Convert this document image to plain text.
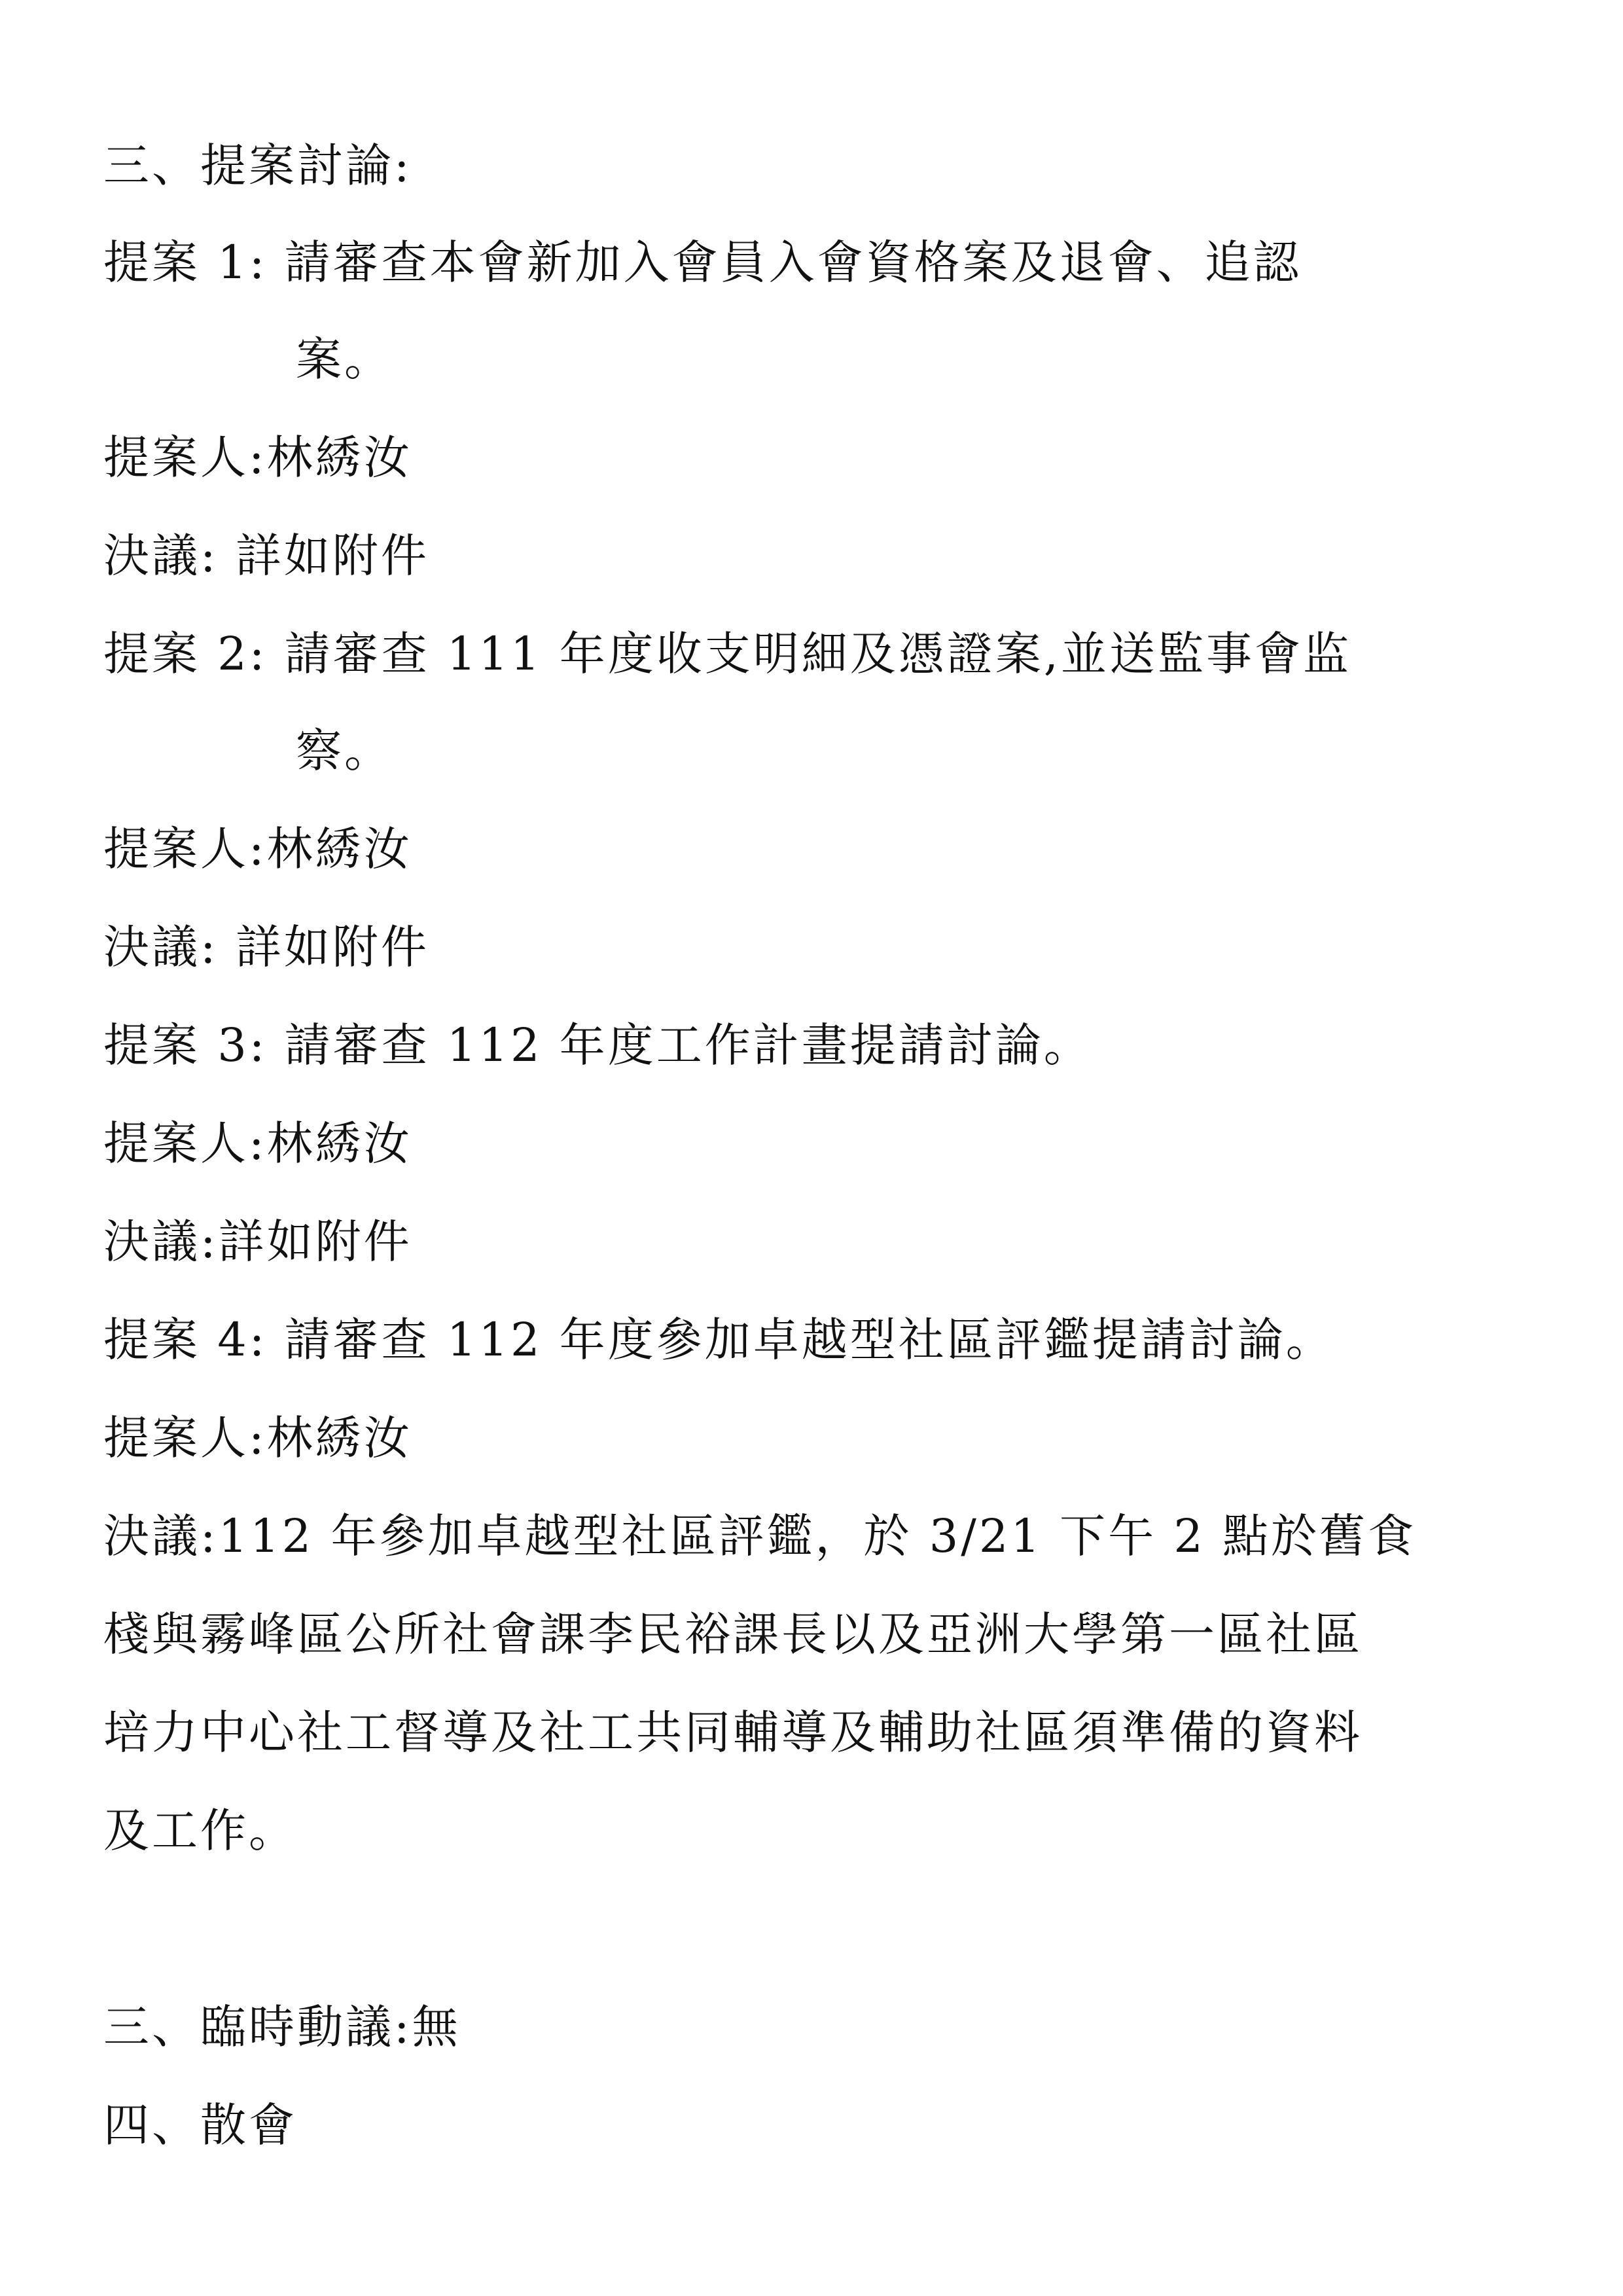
三、提案討論:

提案 1: 請審查本會新加入會員入會資格案及退會、追認

案。

提案人:林綉汝

決議: 詳如附件

提案 2: 請審查 111 年度收支明細及憑證案,並送監事會监

察。

提案人:林綉汝

決議: 詳如附件

提案 3: 請審查 112 年度工作計畫提請討論。

提案人:林綉汝

決議:詳如附件

提案 4: 請審查 112 年度參加卓越型社區評鑑提請討論。

提案人:林綉汝

決議:112 年參加卓越型社區評鑑，於 3/21 下午 2 點於舊食

棧與霧峰區公所社會課李民裕課長以及亞洲大學第一區社區

培力中心社工督導及社工共同輔導及輔助社區須準備的資料

及工作。

三、臨時動議:無

四、散會
